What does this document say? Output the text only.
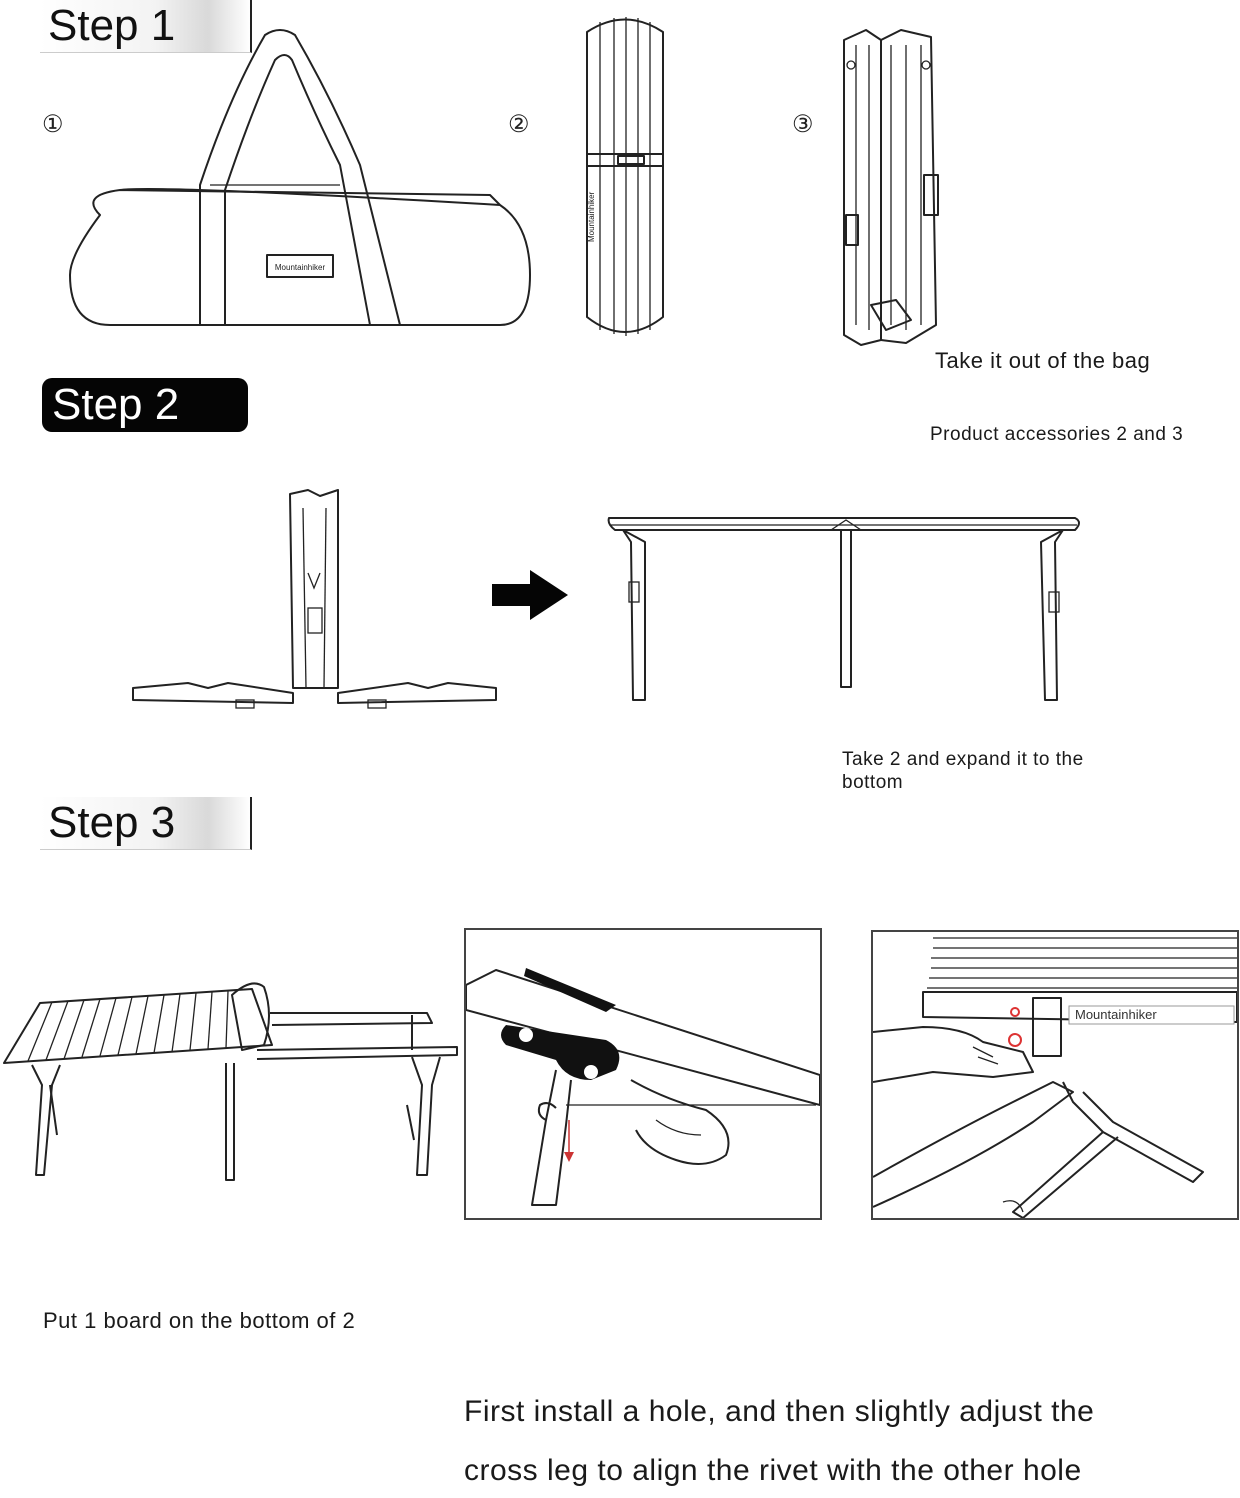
Step 1
①	②	③
Mountainhiker
Mountainhiker
Take it out of the bag
Step 2
Product accessories 2 and 3
Take 2 and expand it to the
bottom
Step 3
Mountainhiker
Put 1 board on the bottom of 2
First install a hole, and then slightly adjust the
cross leg to align the rivet with the other hole
